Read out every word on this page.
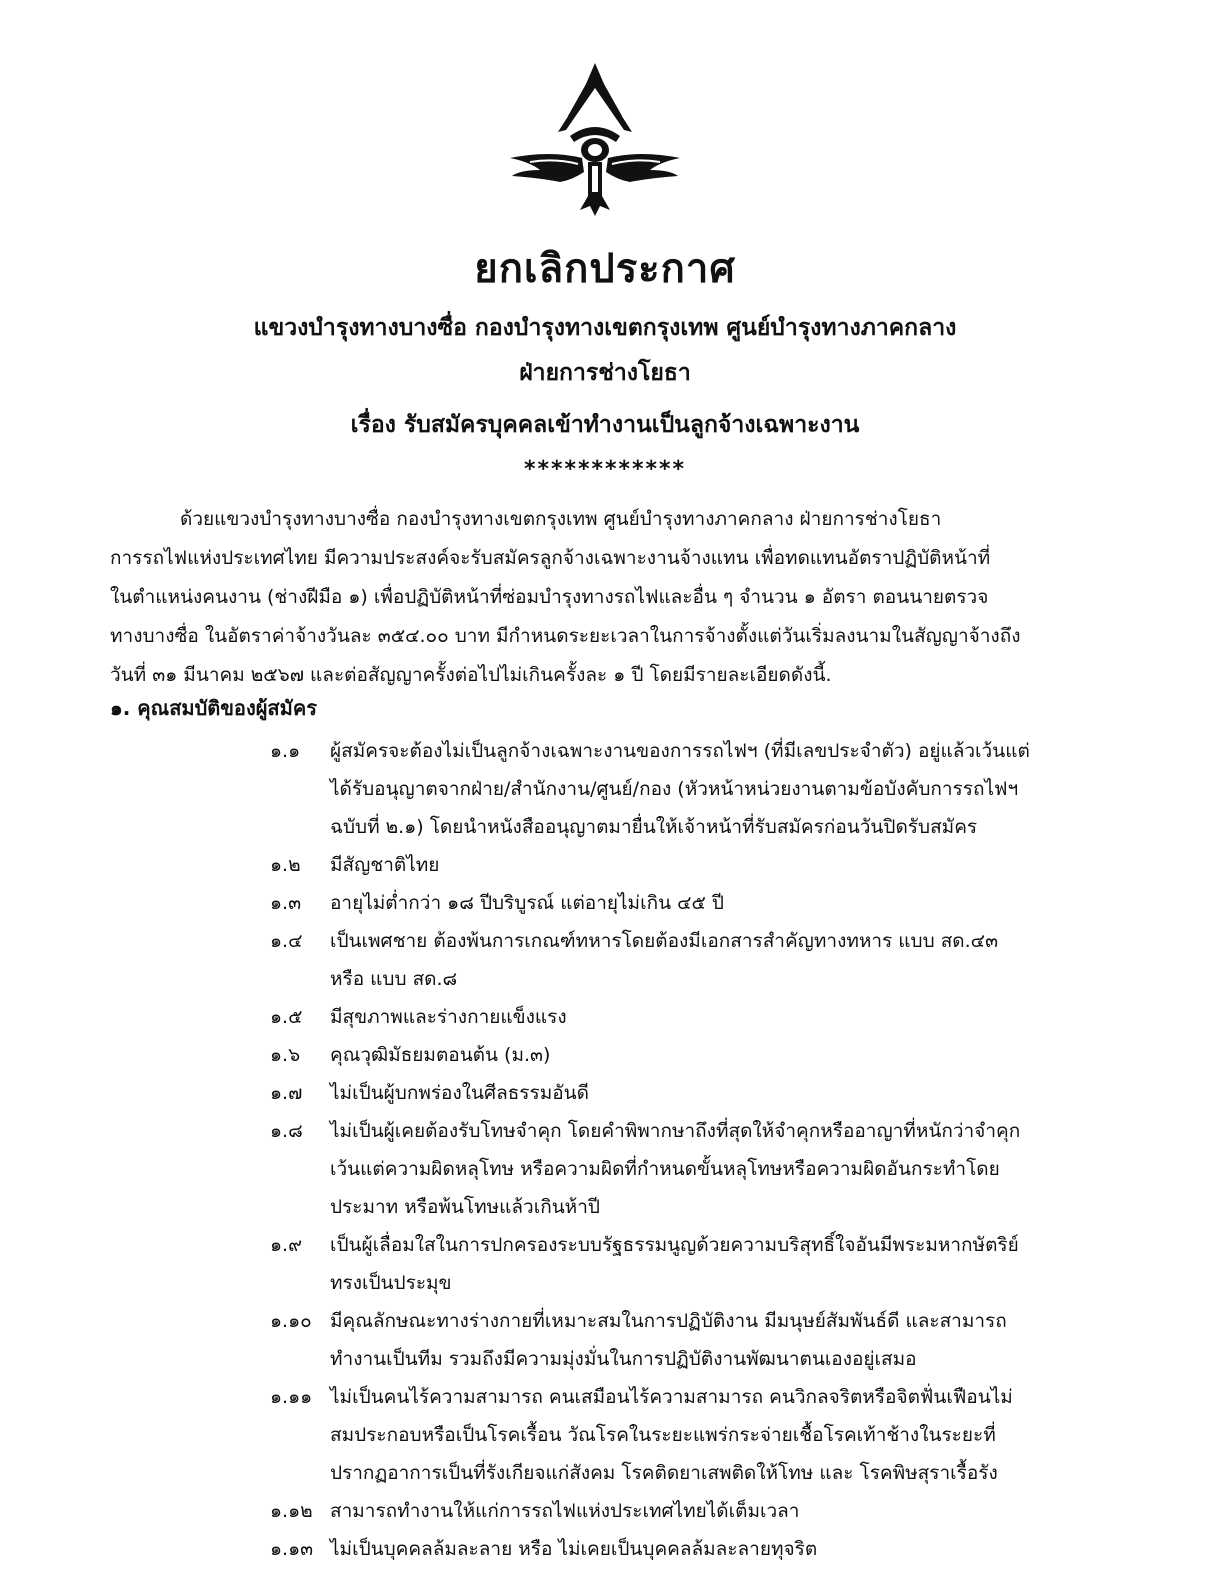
ยกเลิกประกาศ
แขวงบำรุงทางบางซื่อ กองบำรุงทางเขตกรุงเทพ ศูนย์บำรุงทางภาคกลาง
ฝ่ายการช่างโยธา
เรื่อง รับสมัครบุคคลเข้าทำงานเป็นลูกจ้างเฉพาะงาน
************
ด้วยแขวงบำรุงทางบางซื่อ กองบำรุงทางเขตกรุงเทพ ศูนย์บำรุงทางภาคกลาง ฝ่ายการช่างโยธา
การรถไฟแห่งประเทศไทย มีความประสงค์จะรับสมัครลูกจ้างเฉพาะงานจ้างแทน เพื่อทดแทนอัตราปฏิบัติหน้าที่
ในตำแหน่งคนงาน (ช่างฝีมือ ๑) เพื่อปฏิบัติหน้าที่ซ่อมบำรุงทางรถไฟและอื่น ๆ จำนวน ๑ อัตรา ตอนนายตรวจ
ทางบางซื่อ ในอัตราค่าจ้างวันละ ๓๕๔.๐๐ บาท มีกำหนดระยะเวลาในการจ้างตั้งแต่วันเริ่มลงนามในสัญญาจ้างถึง
วันที่ ๓๑ มีนาคม ๒๕๖๗ และต่อสัญญาครั้งต่อไปไม่เกินครั้งละ ๑ ปี โดยมีรายละเอียดดังนี้.
๑. คุณสมบัติของผู้สมัคร
๑.๑	ผู้สมัครจะต้องไม่เป็นลูกจ้างเฉพาะงานของการรถไฟฯ (ที่มีเลขประจำตัว) อยู่แล้วเว้นแต่
ได้รับอนุญาตจากฝ่าย/สำนักงาน/ศูนย์/กอง (หัวหน้าหน่วยงานตามข้อบังคับการรถไฟฯ
ฉบับที่ ๒.๑) โดยนำหนังสืออนุญาตมายื่นให้เจ้าหน้าที่รับสมัครก่อนวันปิดรับสมัคร
๑.๒	มีสัญชาติไทย
๑.๓	อายุไม่ต่ำกว่า ๑๘ ปีบริบูรณ์ แต่อายุไม่เกิน ๔๕ ปี
๑.๔	เป็นเพศชาย ต้องพ้นการเกณฑ์ทหารโดยต้องมีเอกสารสำคัญทางทหาร แบบ สด.๔๓
หรือ แบบ สด.๘
๑.๕	มีสุขภาพและร่างกายแข็งแรง
๑.๖	คุณวุฒิมัธยมตอนต้น (ม.๓)
๑.๗	ไม่เป็นผู้บกพร่องในศีลธรรมอันดี
๑.๘	ไม่เป็นผู้เคยต้องรับโทษจำคุก โดยคำพิพากษาถึงที่สุดให้จำคุกหรืออาญาที่หนักว่าจำคุก
เว้นแต่ความผิดหลุโทษ หรือความผิดที่กำหนดขั้นหลุโทษหรือความผิดอันกระทำโดย
ประมาท หรือพ้นโทษแล้วเกินห้าปี
๑.๙	เป็นผู้เลื่อมใสในการปกครองระบบรัฐธรรมนูญด้วยความบริสุทธิ์ใจอันมีพระมหากษัตริย์
ทรงเป็นประมุข
๑.๑๐ มีคุณลักษณะทางร่างกายที่เหมาะสมในการปฏิบัติงาน มีมนุษย์สัมพันธ์ดี และสามารถ
ทำงานเป็นทีม รวมถึงมีความมุ่งมั่นในการปฏิบัติงานพัฒนาตนเองอยู่เสมอ
๑.๑๑ ไม่เป็นคนไร้ความสามารถ คนเสมือนไร้ความสามารถ คนวิกลจริตหรือจิตฟั่นเฟือนไม่
สมประกอบหรือเป็นโรคเรื้อน วัณโรคในระยะแพร่กระจ่ายเชื้อโรคเท้าช้างในระยะที่
ปรากฏอาการเป็นที่รังเกียจแก่สังคม โรคติดยาเสพติดให้โทษ และ โรคพิษสุราเรื้อรัง
๑.๑๒ สามารถทำงานให้แก่การรถไฟแห่งประเทศไทยได้เต็มเวลา
๑.๑๓ ไม่เป็นบุคคลล้มละลาย หรือ ไม่เคยเป็นบุคคลล้มละลายทุจริต
